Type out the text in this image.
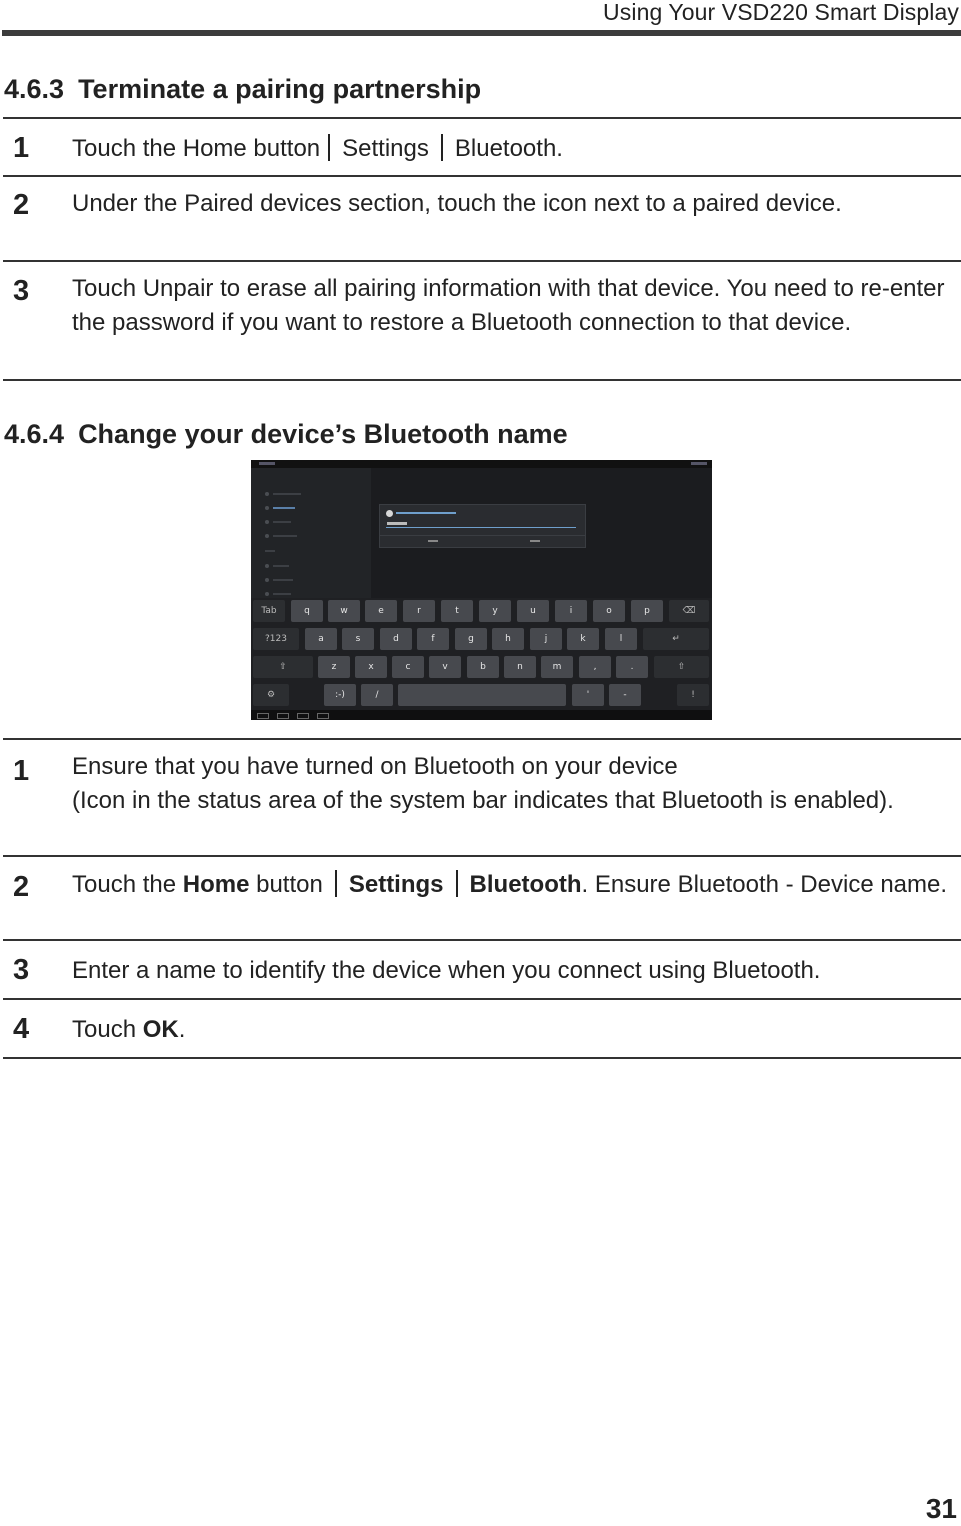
Using Your VSD220 Smart Display
4.6.3 Terminate a pairing partnership
1	Touch the Home button Settings Bluetooth.
2	Under the Paired devices section, touch the icon next to a paired device.
3	Touch Unpair to erase all pairing information with that device. You need to re-enter the password if you want to restore a Bluetooth connection to that device.
4.6.4 Change your device’s Bluetooth name
Tab	q	w	e	r	t	y	u	i	o	p	⌫
?123	a	s	d	f	g	h	j	k	l	↵
⇧	z	x	c	v	b	n	m	,	.	⇧
⚙	:-)	/	'	-	!
1	Ensure that you have turned on Bluetooth on your device
(Icon in the status area of the system bar indicates that Bluetooth is enabled).
2	Touch the Home button Settings Bluetooth. Ensure Bluetooth - Device name.
3	Enter a name to identify the device when you connect using Bluetooth.
4	Touch OK.
31
